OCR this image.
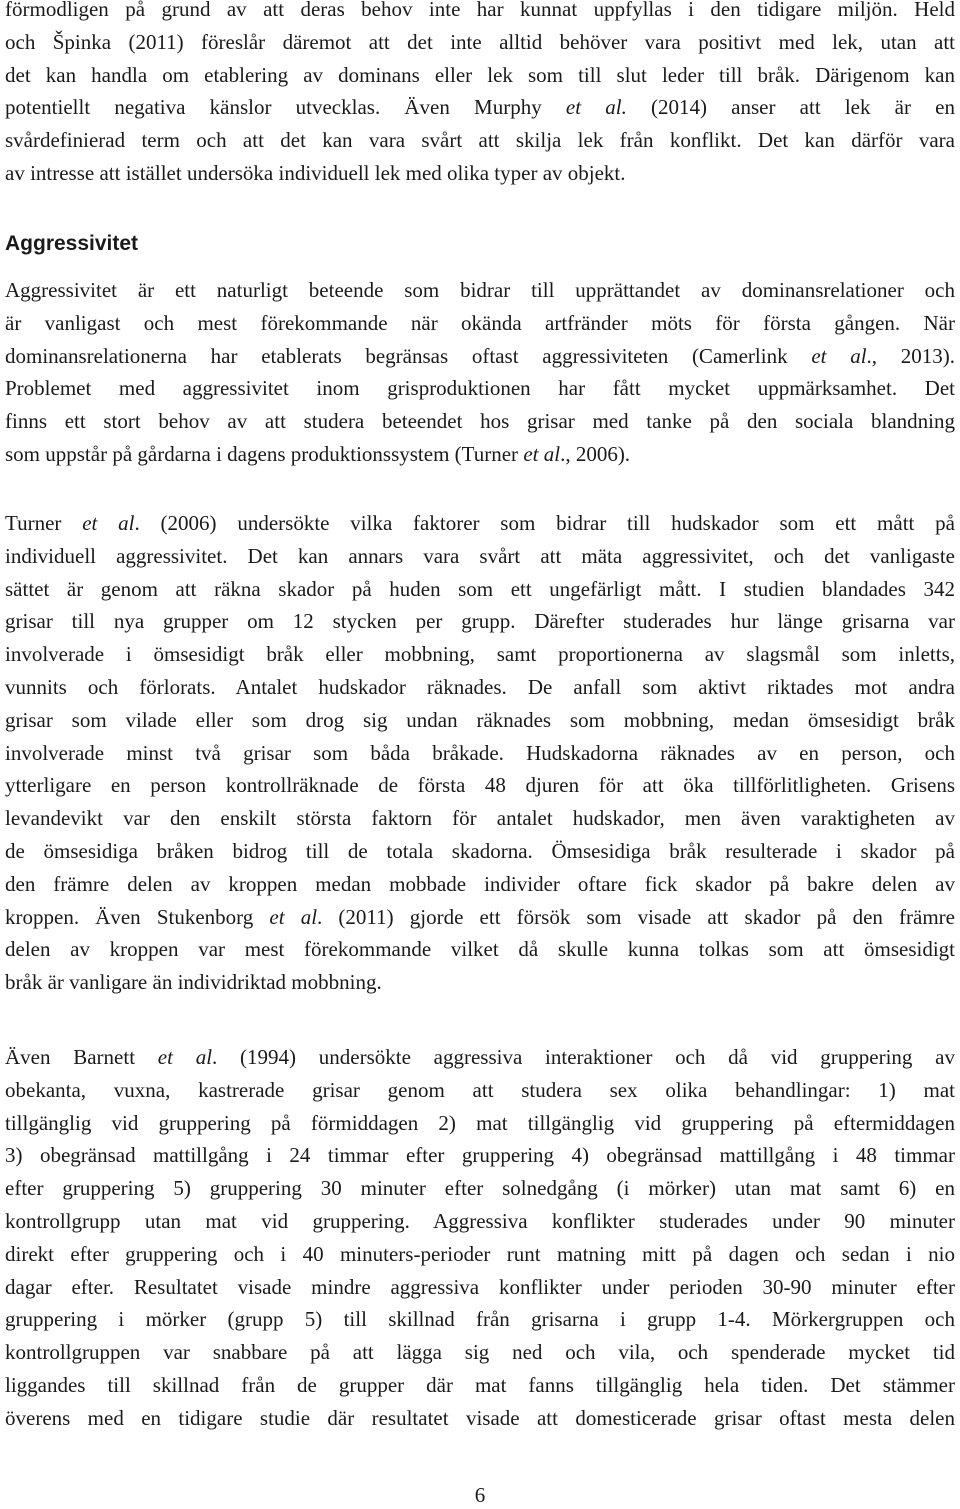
förmodligen på grund av att deras behov inte har kunnat uppfyllas i den tidigare miljön. Held
och Špinka (2011) föreslår däremot att det inte alltid behöver vara positivt med lek, utan att
det kan handla om etablering av dominans eller lek som till slut leder till bråk. Därigenom kan
potentiellt negativa känslor utvecklas. Även Murphy et al. (2014) anser att lek är en
svårdefinierad term och att det kan vara svårt att skilja lek från konflikt. Det kan därför vara
av intresse att istället undersöka individuell lek med olika typer av objekt.

Aggressivitet

Aggressivitet är ett naturligt beteende som bidrar till upprättandet av dominansrelationer och
är vanligast och mest förekommande när okända artfränder möts för första gången. När
dominansrelationerna har etablerats begränsas oftast aggressiviteten (Camerlink et al., 2013).
Problemet med aggressivitet inom grisproduktionen har fått mycket uppmärksamhet. Det
finns ett stort behov av att studera beteendet hos grisar med tanke på den sociala blandning
som uppstår på gårdarna i dagens produktionssystem (Turner et al., 2006).

Turner et al. (2006) undersökte vilka faktorer som bidrar till hudskador som ett mått på
individuell aggressivitet. Det kan annars vara svårt att mäta aggressivitet, och det vanligaste
sättet är genom att räkna skador på huden som ett ungefärligt mått. I studien blandades 342
grisar till nya grupper om 12 stycken per grupp. Därefter studerades hur länge grisarna var
involverade i ömsesidigt bråk eller mobbning, samt proportionerna av slagsmål som inletts,
vunnits och förlorats. Antalet hudskador räknades. De anfall som aktivt riktades mot andra
grisar som vilade eller som drog sig undan räknades som mobbning, medan ömsesidigt bråk
involverade minst två grisar som båda bråkade. Hudskadorna räknades av en person, och
ytterligare en person kontrollräknade de första 48 djuren för att öka tillförlitligheten. Grisens
levandevikt var den enskilt största faktorn för antalet hudskador, men även varaktigheten av
de ömsesidiga bråken bidrog till de totala skadorna. Ömsesidiga bråk resulterade i skador på
den främre delen av kroppen medan mobbade individer oftare fick skador på bakre delen av
kroppen. Även Stukenborg et al. (2011) gjorde ett försök som visade att skador på den främre
delen av kroppen var mest förekommande vilket då skulle kunna tolkas som att ömsesidigt
bråk är vanligare än individriktad mobbning.

Även Barnett et al. (1994) undersökte aggressiva interaktioner och då vid gruppering av
obekanta, vuxna, kastrerade grisar genom att studera sex olika behandlingar: 1) mat
tillgänglig vid gruppering på förmiddagen 2) mat tillgänglig vid gruppering på eftermiddagen
3) obegränsad mattillgång i 24 timmar efter gruppering 4) obegränsad mattillgång i 48 timmar
efter gruppering 5) gruppering 30 minuter efter solnedgång (i mörker) utan mat samt 6) en
kontrollgrupp utan mat vid gruppering. Aggressiva konflikter studerades under 90 minuter
direkt efter gruppering och i 40 minuters-perioder runt matning mitt på dagen och sedan i nio
dagar efter. Resultatet visade mindre aggressiva konflikter under perioden 30-90 minuter efter
gruppering i mörker (grupp 5) till skillnad från grisarna i grupp 1-4. Mörkergruppen och
kontrollgruppen var snabbare på att lägga sig ned och vila, och spenderade mycket tid
liggandes till skillnad från de grupper där mat fanns tillgänglig hela tiden. Det stämmer
överens med en tidigare studie där resultatet visade att domesticerade grisar oftast mesta delen

6
